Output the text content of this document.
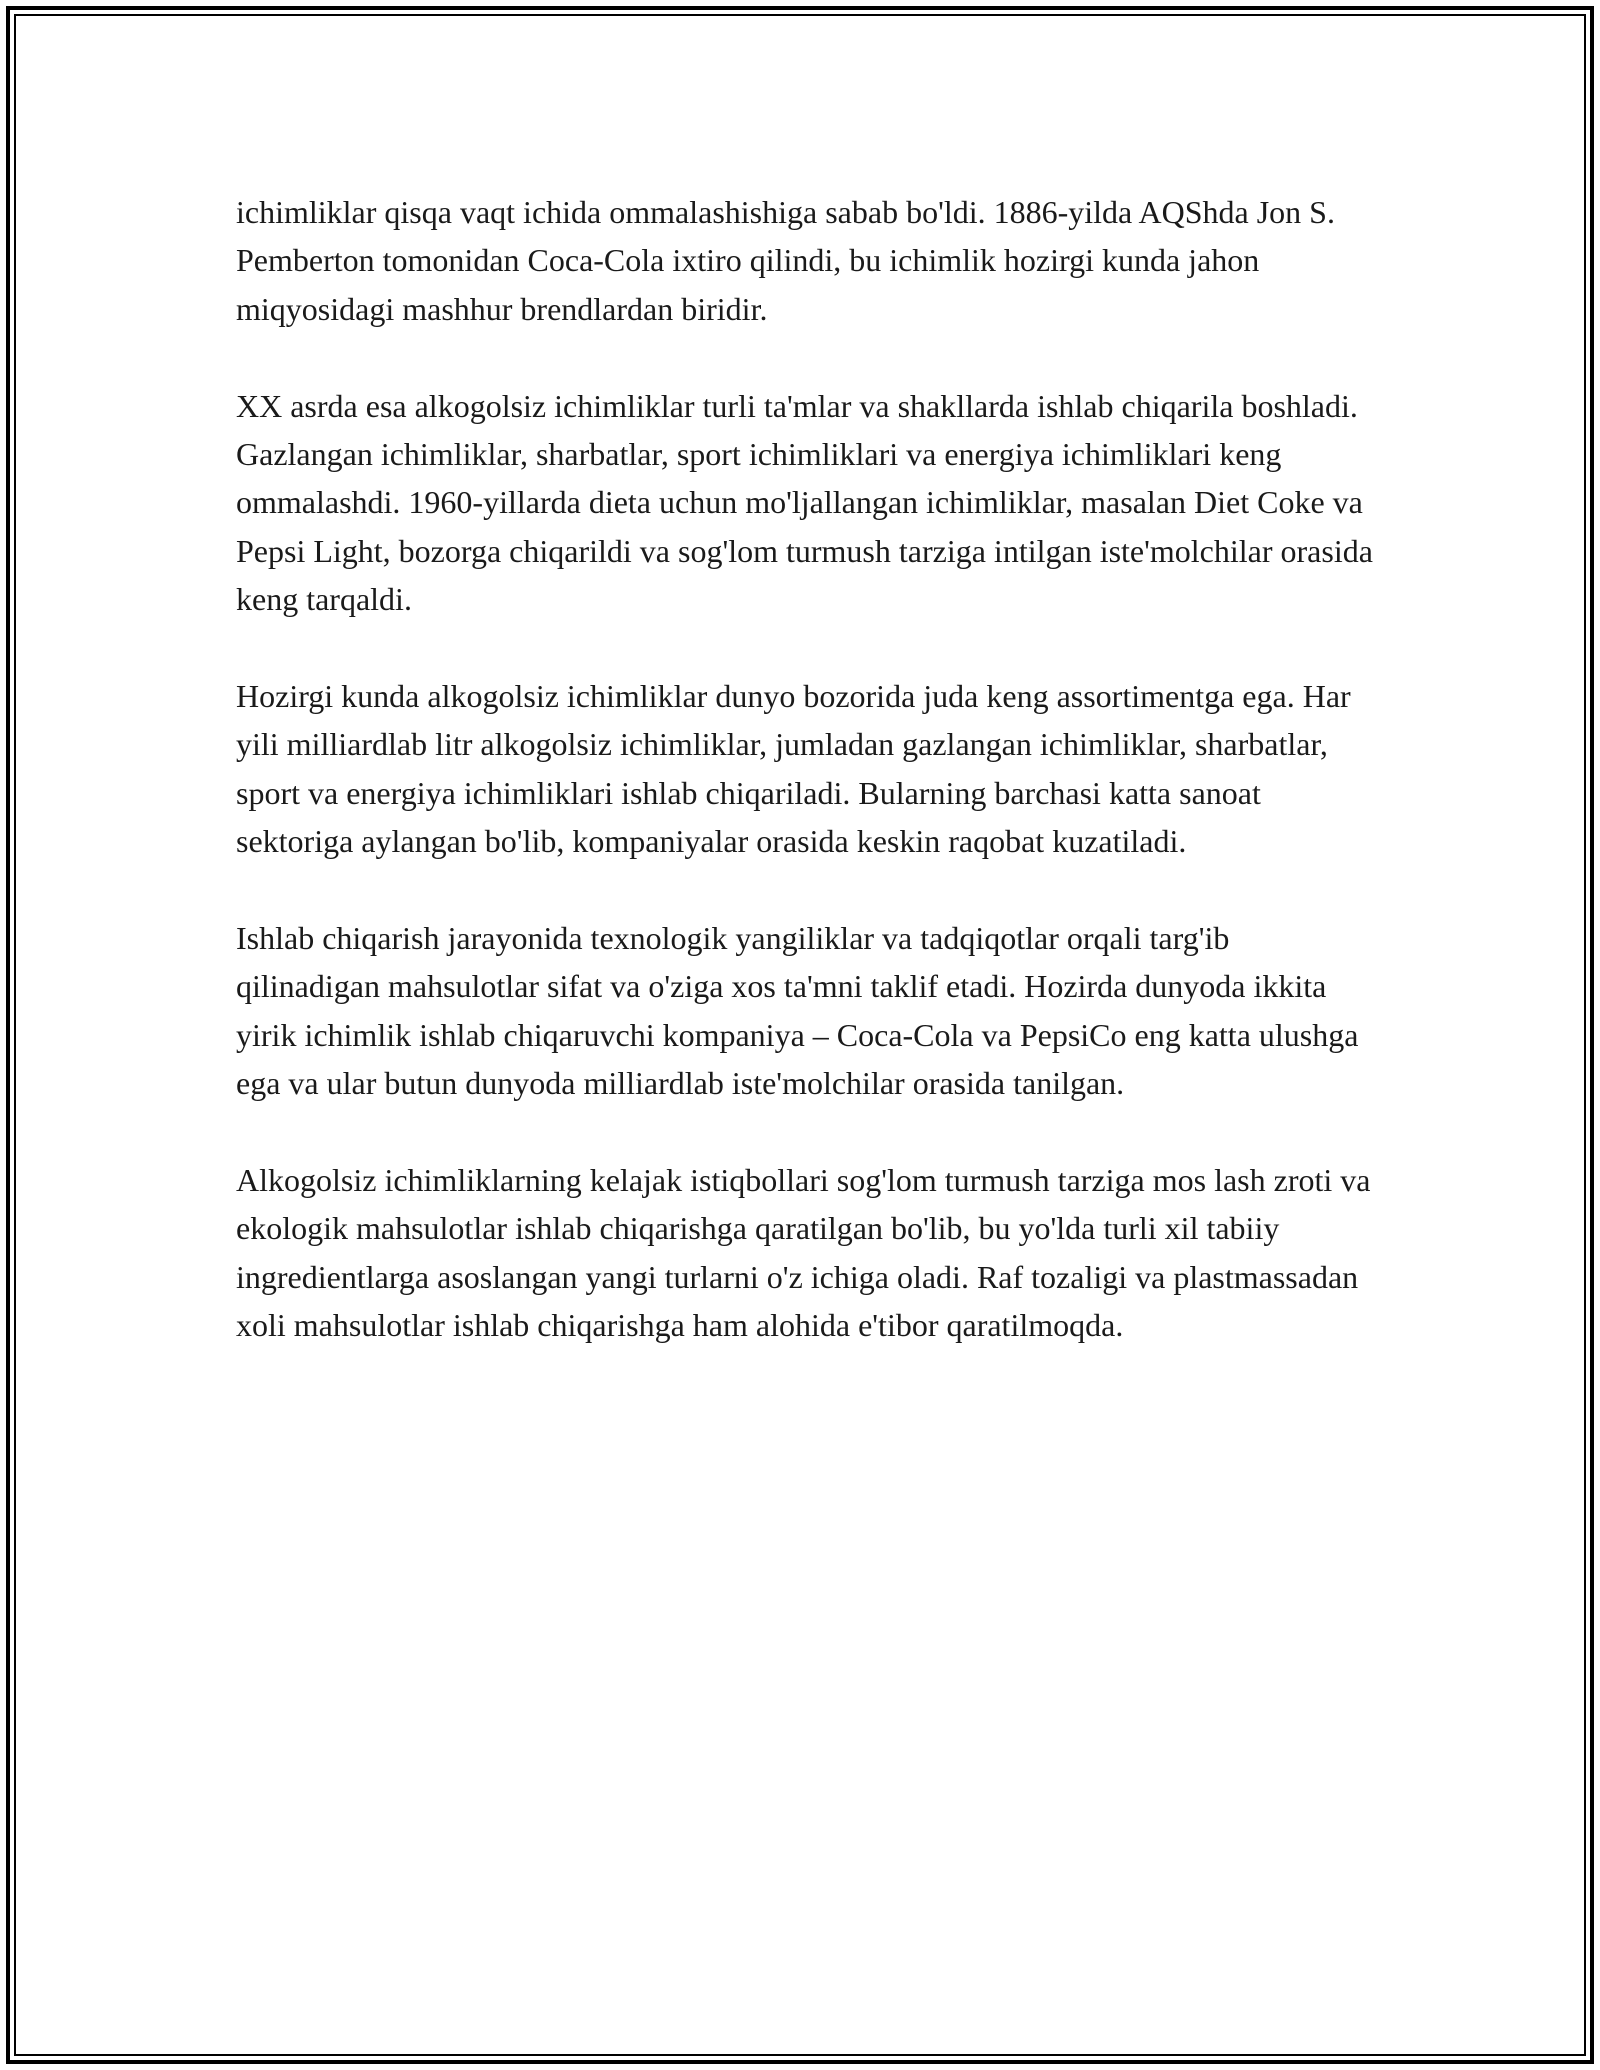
ichimliklar qisqa vaqt ichida ommalashishiga sabab bo'ldi. 1886-yilda AQShda Jon S. Pemberton tomonidan Coca-Cola ixtiro qilindi, bu ichimlik hozirgi kunda jahon miqyosidagi mashhur brendlardan biridir.

XX asrda esa alkogolsiz ichimliklar turli ta'mlar va shakllarda ishlab chiqarila boshladi. Gazlangan ichimliklar, sharbatlar, sport ichimliklari va energiya ichimliklari keng ommalashdi. 1960-yillarda dieta uchun mo'ljallangan ichimliklar, masalan Diet Coke va Pepsi Light, bozorga chiqarildi va sog'lom turmush tarziga intilgan iste'molchilar orasida keng tarqaldi.

Hozirgi kunda alkogolsiz ichimliklar dunyo bozorida juda keng assortimentga ega. Har yili milliardlab litr alkogolsiz ichimliklar, jumladan gazlangan ichimliklar, sharbatlar, sport va energiya ichimliklari ishlab chiqariladi. Bularning barchasi katta sanoat sektoriga aylangan bo'lib, kompaniyalar orasida keskin raqobat kuzatiladi.

Ishlab chiqarish jarayonida texnologik yangiliklar va tadqiqotlar orqali targ'ib qilinadigan mahsulotlar sifat va o'ziga xos ta'mni taklif etadi. Hozirda dunyoda ikkita yirik ichimlik ishlab chiqaruvchi kompaniya – Coca-Cola va PepsiCo eng katta ulushga ega va ular butun dunyoda milliardlab iste'molchilar orasida tanilgan.

Alkogolsiz ichimliklarning kelajak istiqbollari sog'lom turmush tarziga mos lash zroti va ekologik mahsulotlar ishlab chiqarishga qaratilgan bo'lib, bu yo'lda turli xil tabiiy ingredientlarga asoslangan yangi turlarni o'z ichiga oladi. Raf tozaligi va plastmassadan xoli mahsulotlar ishlab chiqarishga ham alohida e'tibor qaratilmoqda.
